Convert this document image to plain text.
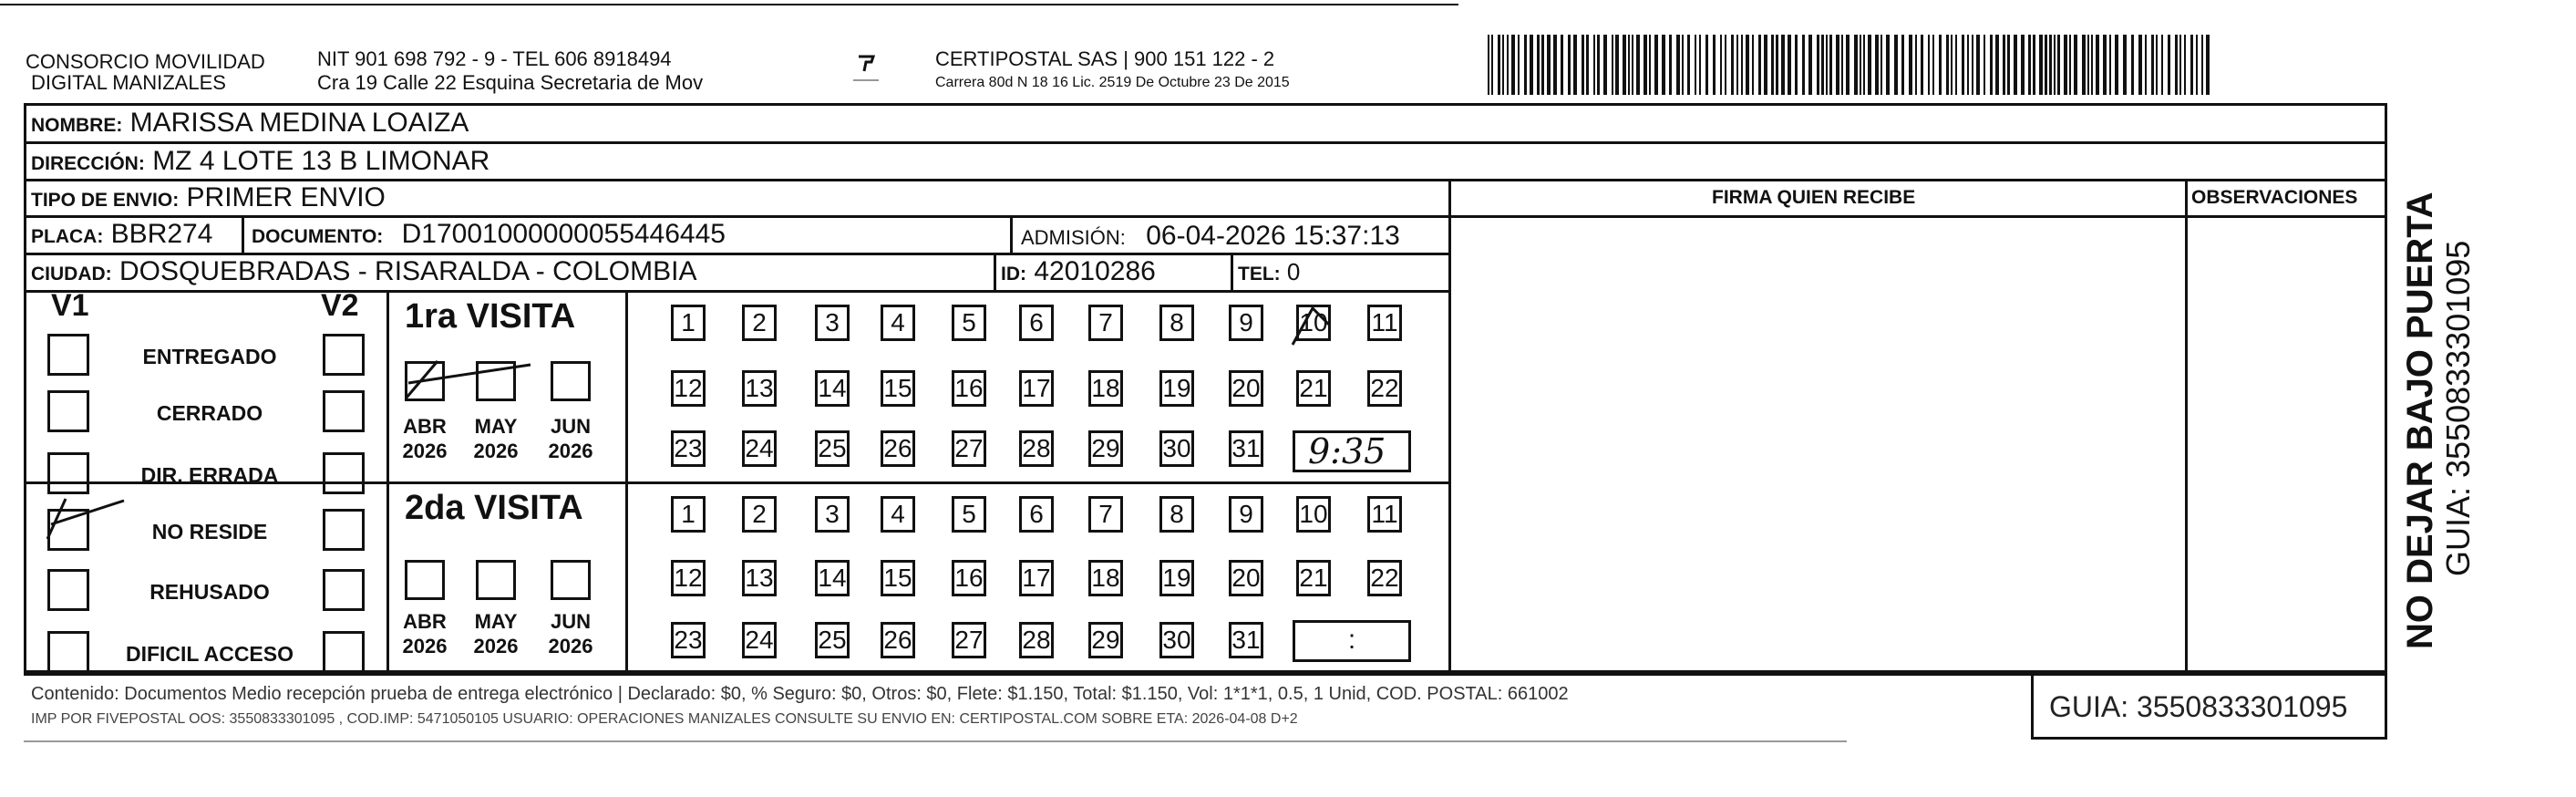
CONSORCIO MOVILIDAD
DIGITAL MANIZALES
NIT 901 698 792 - 9 - TEL 606 8918494
Cra 19 Calle 22 Esquina Secretaria de Mov
CERTIPOSTAL SAS | 900 151 122 - 2
Carrera 80d N 18 16 Lic. 2519 De Octubre 23 De 2015
NOMBRE: MARISSA MEDINA LOAIZA
DIRECCIÓN: MZ 4 LOTE 13 B LIMONAR
TIPO DE ENVIO: PRIMER ENVIO	FIRMA QUIEN RECIBE	OBSERVACIONES
PLACA: BBR274 DOCUMENTO: D17001000000055446445	ADMISIÓN: 06-04-2026 15:37:13
CIUDAD: DOSQUEBRADAS - RISARALDA - COLOMBIA	ID: 42010286	TEL: 0
V1	V2
ENTREGADO
CERRADO
DIR. ERRADA
NO RESIDE
REHUSADO
DIFICIL ACCESO
1ra VISITA
2da VISITA
ABR
2026
MAY
2026
JUN
2026
ABR
2026
MAY
2026
JUN
2026
1	2	3	4	5	6	7	8	9	10 11
12 13 14 15 16 17 18 19 20 21 22
23 24 25 26 27 28 29 30 31
1	2	3	4	5	6	7	8	9	10 11
12 13 14 15 16 17 18 19 20 21 22
23 24 25 26 27 28 29 30 31
9:35
:
Contenido: Documentos Medio recepción prueba de entrega electrónico | Declarado: $0, % Seguro: $0, Otros: $0, Flete: $1.150, Total: $1.150, Vol: 1*1*1, 0.5, 1 Unid, COD. POSTAL: 661002
IMP POR FIVEPOSTAL OOS: 3550833301095 , COD.IMP: 5471050105 USUARIO: OPERACIONES MANIZALES CONSULTE SU ENVIO EN: CERTIPOSTAL.COM SOBRE ETA: 2026-04-08 D+2	GUIA: 3550833301095
NO DEJAR BAJO PUERTA GUIA: 3550833301095
